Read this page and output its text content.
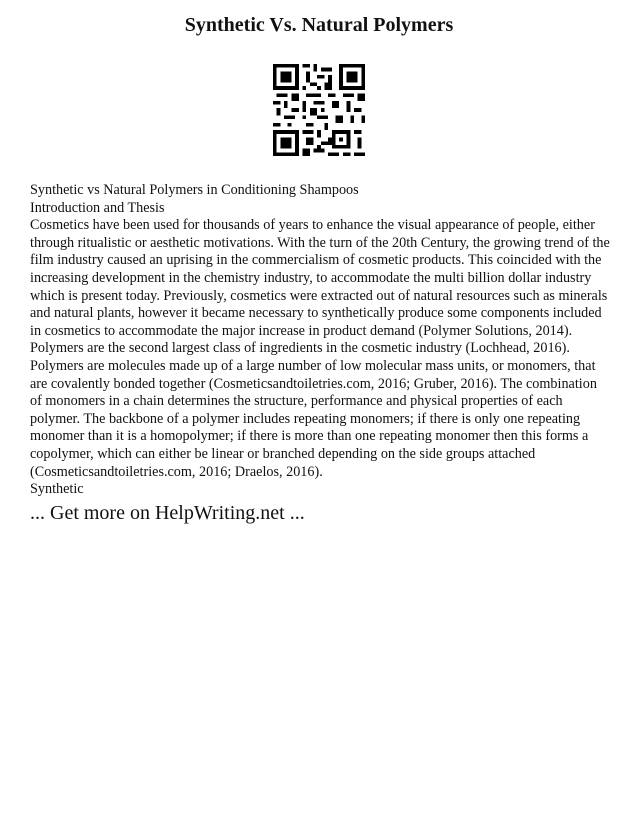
Synthetic Vs. Natural Polymers

Synthetic vs Natural Polymers in Conditioning Shampoos

Introduction and Thesis

Cosmetics have been used for thousands of years to enhance the visual appearance of people, either through ritualistic or aesthetic motivations. With the turn of the 20th Century, the growing trend of the film industry caused an uprising in the commercialism of cosmetic products. This coincided with the increasing development in the chemistry industry, to accommodate the multi billion dollar industry which is present today. Previously, cosmetics were extracted out of natural resources such as minerals and natural plants, however it became necessary to synthetically produce some components included in cosmetics to accommodate the major increase in product demand (Polymer Solutions, 2014).

Polymers are the second largest class of ingredients in the cosmetic industry (Lochhead, 2016). Polymers are molecules made up of a large number of low molecular mass units, or monomers, that are covalently bonded together (Cosmeticsandtoiletries.com, 2016; Gruber, 2016). The combination of monomers in a chain determines the structure, performance and physical properties of each polymer. The backbone of a polymer includes repeating monomers; if there is only one repeating monomer than it is a homopolymer; if there is more than one repeating monomer then this forms a copolymer, which can either be linear or branched depending on the side groups attached (Cosmeticsandtoiletries.com, 2016; Draelos, 2016).

Synthetic

... Get more on HelpWriting.net ...
